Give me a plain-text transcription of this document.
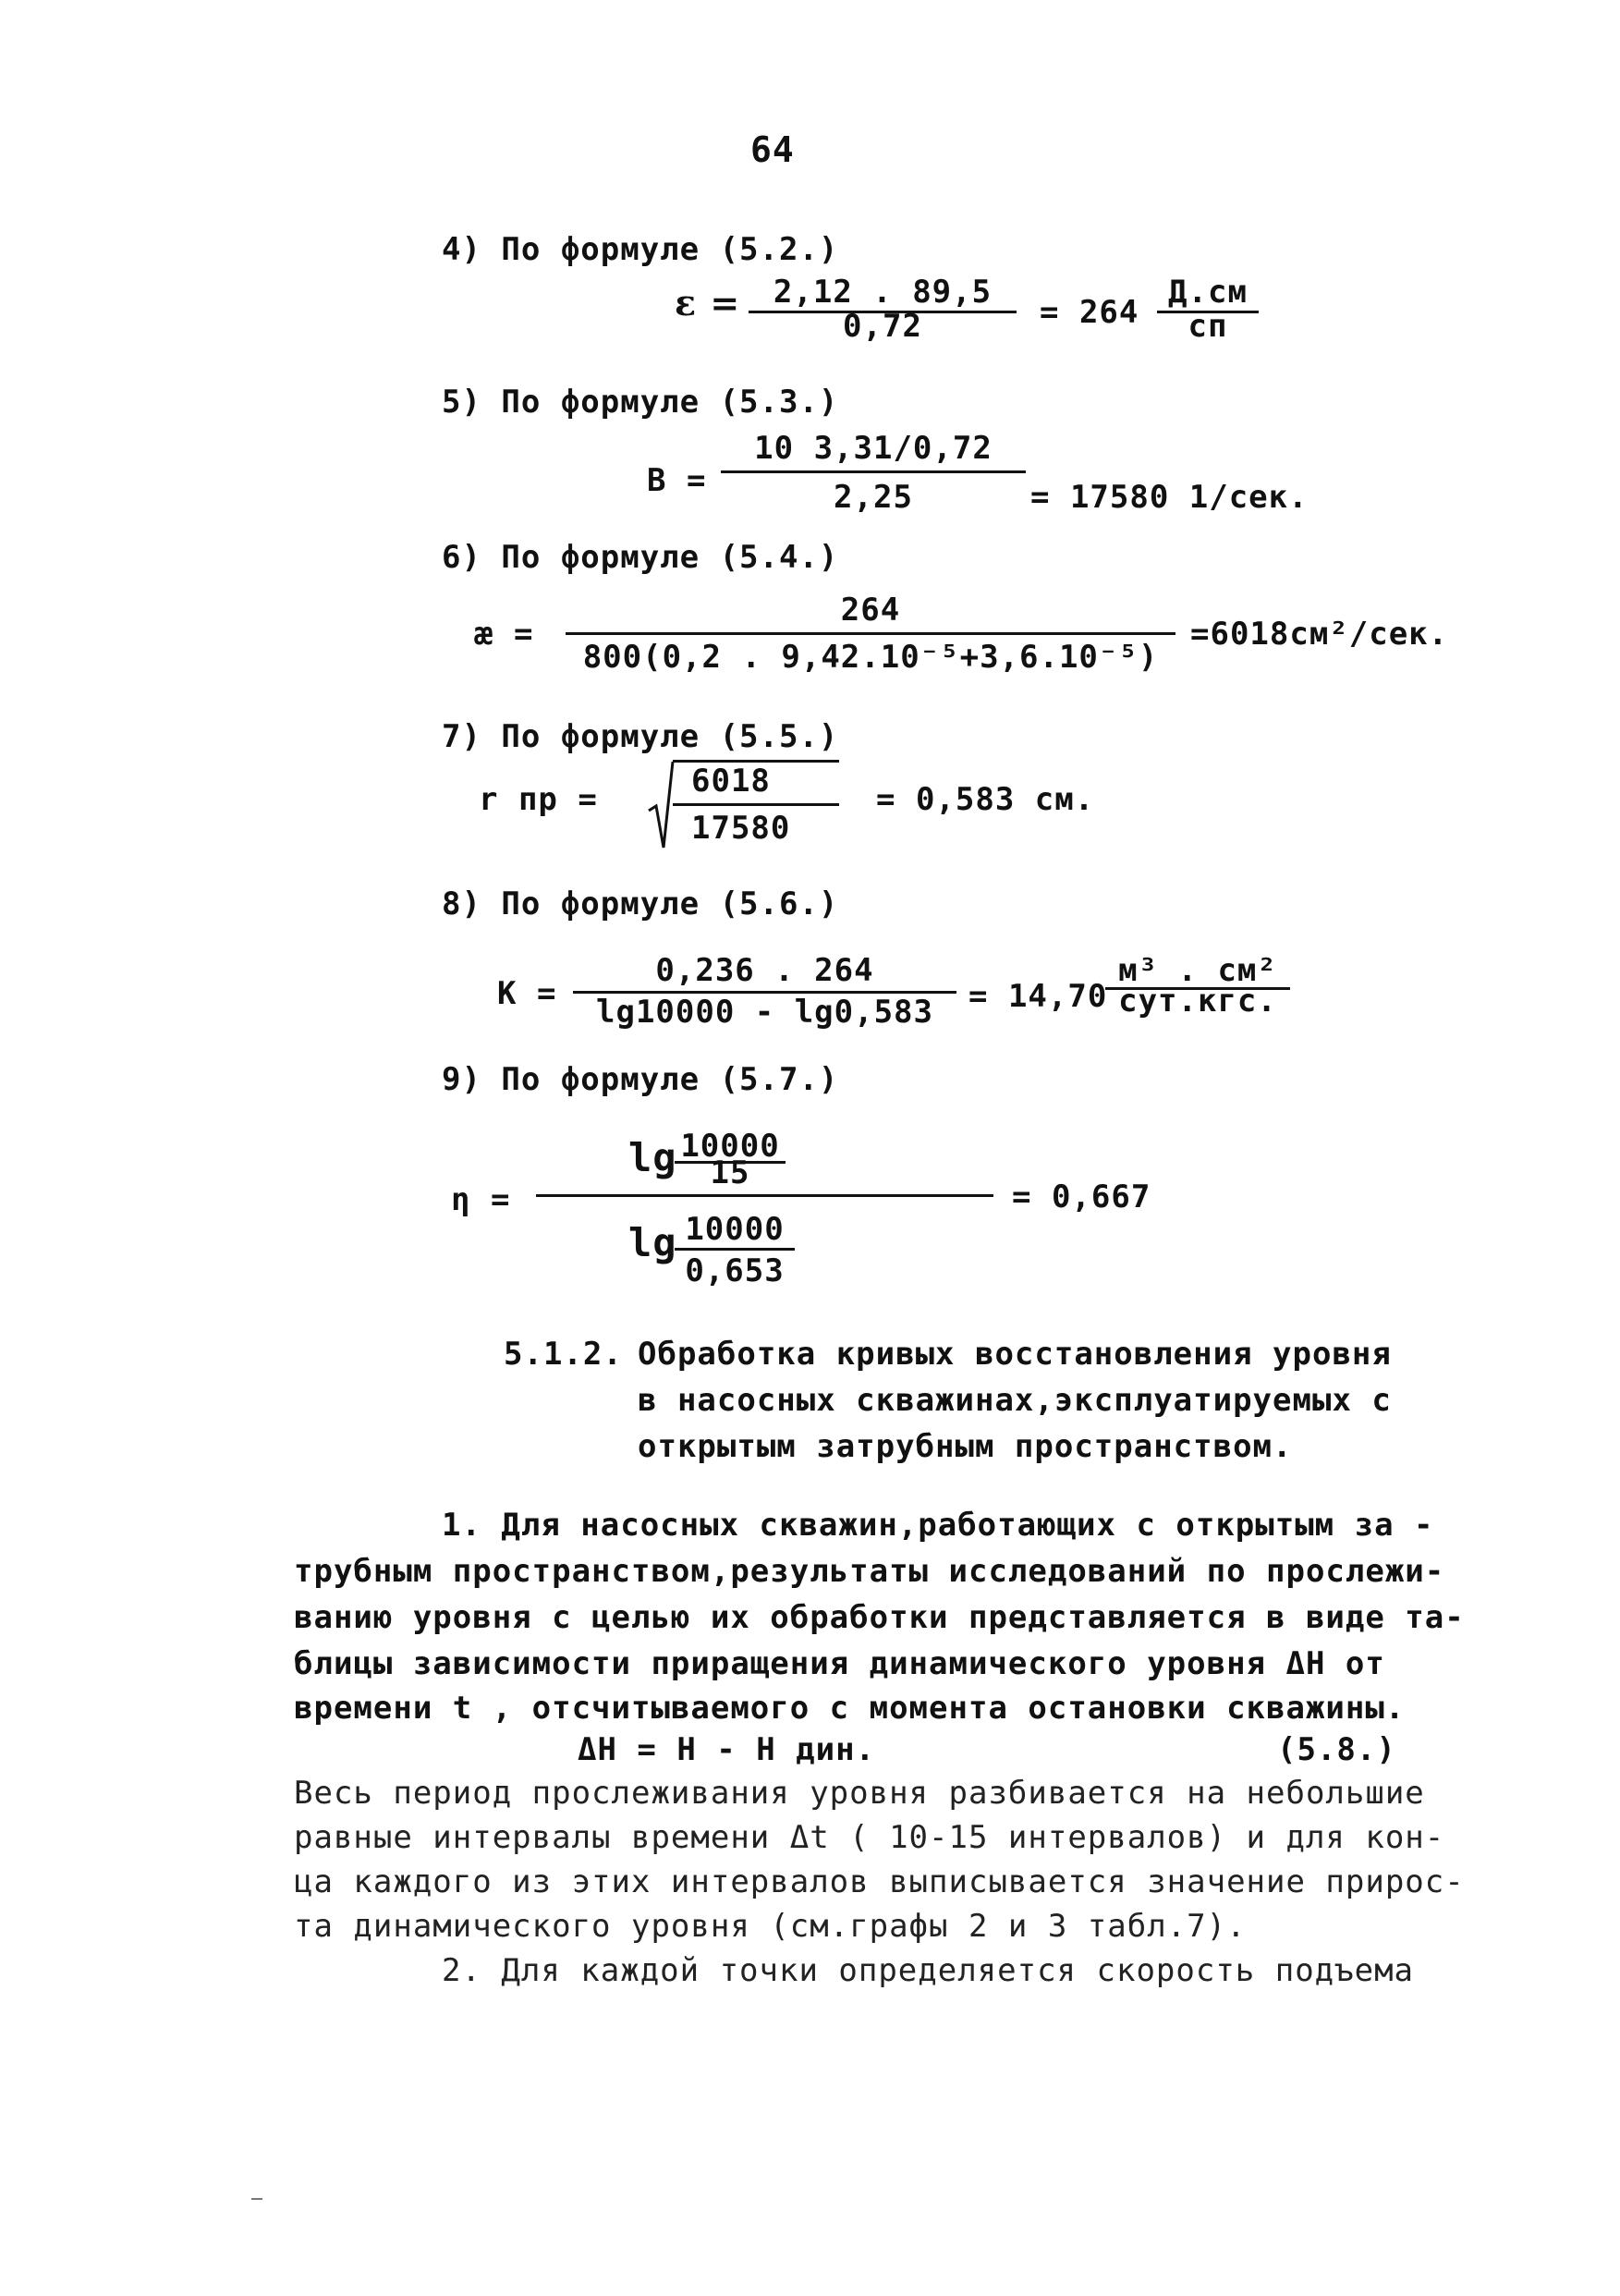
64
4) По формуле (5.2.)
ε =	2,12 . 89,5
0,72	= 264
Д.см
сп
5) По формуле (5.3.)
B =
10 3,31/0,72
2,25	= 17580 1/сек.
6) По формуле (5.4.)
æ =
264
800(0,2 . 9,42.10⁻⁵+3,6.10⁻⁵)
=6018см²/сек.
7) По формуле (5.5.)
r пр =	6018
17580
= 0,583 см.
8) По формуле (5.6.)
K =
0,236 . 264
lg10000 - lg0,583	= 14,70
м³ . см²
сут.кгс.
9) По формуле (5.7.)
η =
lg 10000
15
lg 10000
0,653
= 0,667
5.1.2. Обработка кривых восстановления уровня
в насосных скважинах,эксплуатируемых с
открытым затрубным пространством.
1. Для насосных скважин,работающих с открытым за -
трубным пространством,результаты исследований по прослежи-
ванию уровня с целью их обработки представляется в виде та-
блицы зависимости приращения динамического уровня ΔH от
времени t , отсчитываемого с момента остановки скважины.
ΔH = H - H дин.	(5.8.)
Весь период прослеживания уровня разбивается на небольшие
равные интервалы времени Δt ( 10-15 интервалов) и для кон-
ца каждого из этих интервалов выписывается значение прирос-
та динамического уровня (см.графы 2 и 3 табл.7).
2. Для каждой точки определяется скорость подъема
